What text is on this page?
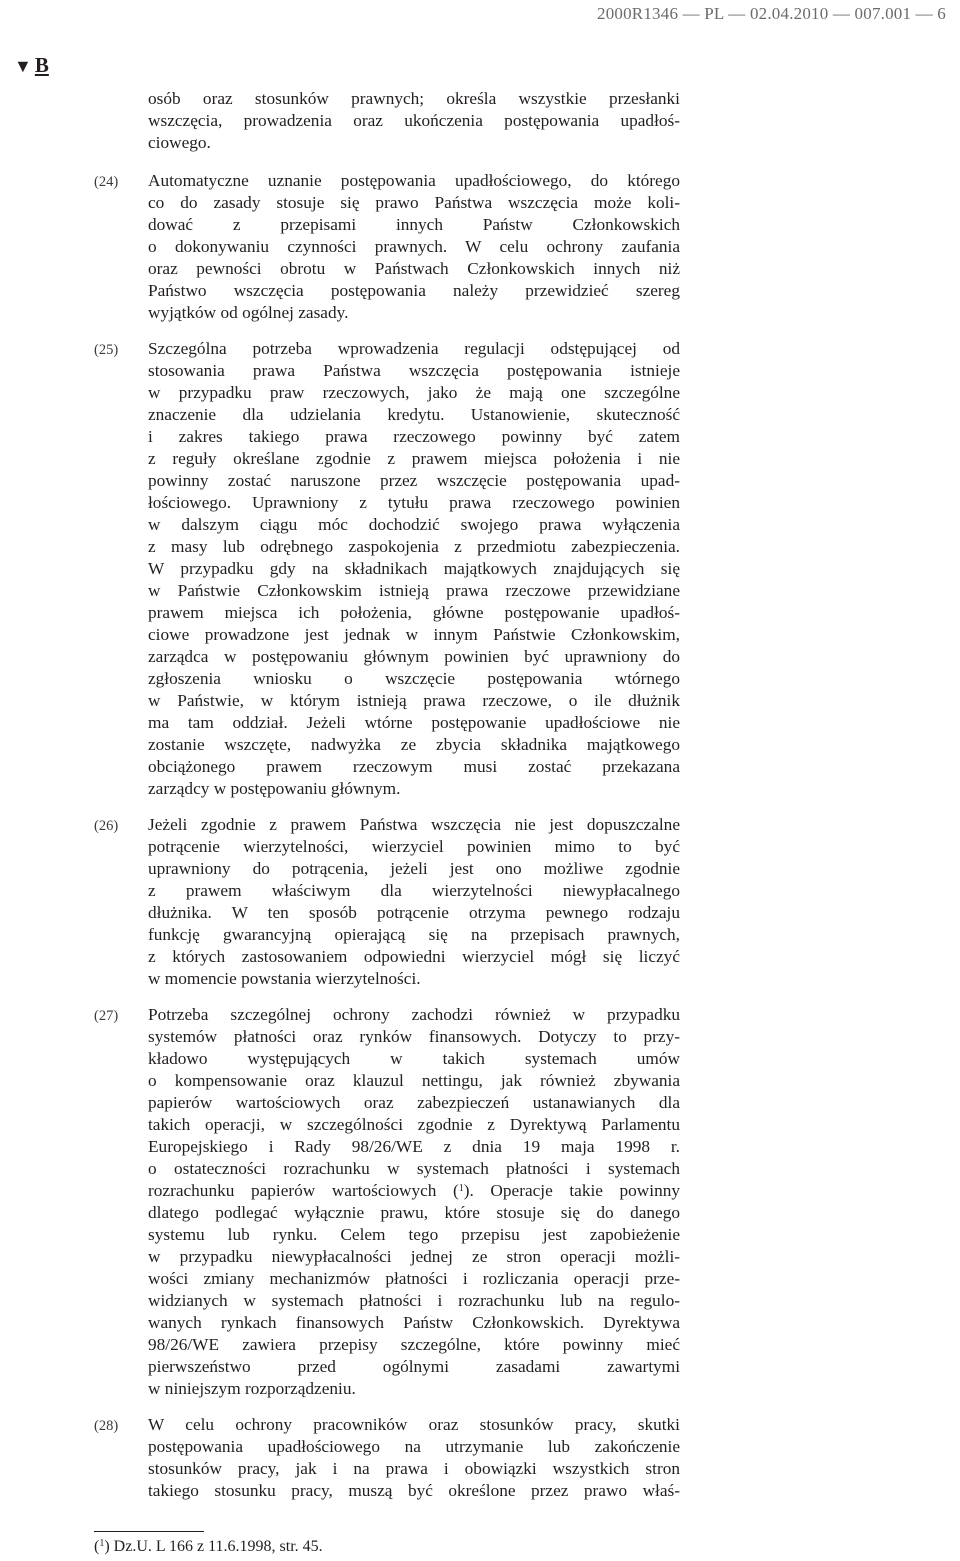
2000R1346 — PL — 02.04.2010 — 007.001 — 6
▼ B
osób oraz stosunków prawnych; określa wszystkie przesłanki
wszczęcia, prowadzenia oraz ukończenia postępowania upadłoś-
ciowego.
(24) Automatyczne uznanie postępowania upadłościowego, do którego
co do zasady stosuje się prawo Państwa wszczęcia może koli-
dować z przepisami innych Państw Członkowskich
o dokonywaniu czynności prawnych. W celu ochrony zaufania
oraz pewności obrotu w Państwach Członkowskich innych niż
Państwo wszczęcia postępowania należy przewidzieć szereg
wyjątków od ogólnej zasady.
(25) Szczególna potrzeba wprowadzenia regulacji odstępującej od
stosowania prawa Państwa wszczęcia postępowania istnieje
w przypadku praw rzeczowych, jako że mają one szczególne
znaczenie dla udzielania kredytu. Ustanowienie, skuteczność
i zakres takiego prawa rzeczowego powinny być zatem
z reguły określane zgodnie z prawem miejsca położenia i nie
powinny zostać naruszone przez wszczęcie postępowania upad-
łościowego. Uprawniony z tytułu prawa rzeczowego powinien
w dalszym ciągu móc dochodzić swojego prawa wyłączenia
z masy lub odrębnego zaspokojenia z przedmiotu zabezpieczenia.
W przypadku gdy na składnikach majątkowych znajdujących się
w Państwie Członkowskim istnieją prawa rzeczowe przewidziane
prawem miejsca ich położenia, główne postępowanie upadłoś-
ciowe prowadzone jest jednak w innym Państwie Członkowskim,
zarządca w postępowaniu głównym powinien być uprawniony do
zgłoszenia wniosku o wszczęcie postępowania wtórnego
w Państwie, w którym istnieją prawa rzeczowe, o ile dłużnik
ma tam oddział. Jeżeli wtórne postępowanie upadłościowe nie
zostanie wszczęte, nadwyżka ze zbycia składnika majątkowego
obciążonego prawem rzeczowym musi zostać przekazana
zarządcy w postępowaniu głównym.
(26) Jeżeli zgodnie z prawem Państwa wszczęcia nie jest dopuszczalne
potrącenie wierzytelności, wierzyciel powinien mimo to być
uprawniony do potrącenia, jeżeli jest ono możliwe zgodnie
z prawem właściwym dla wierzytelności niewypłacalnego
dłużnika. W ten sposób potrącenie otrzyma pewnego rodzaju
funkcję gwarancyjną opierającą się na przepisach prawnych,
z których zastosowaniem odpowiedni wierzyciel mógł się liczyć
w momencie powstania wierzytelności.
(27) Potrzeba szczególnej ochrony zachodzi również w przypadku
systemów płatności oraz rynków finansowych. Dotyczy to przy-
kładowo występujących w takich systemach umów
o kompensowanie oraz klauzul nettingu, jak również zbywania
papierów wartościowych oraz zabezpieczeń ustanawianych dla
takich operacji, w szczególności zgodnie z Dyrektywą Parlamentu
Europejskiego i Rady 98/26/WE z dnia 19 maja 1998 r.
o ostateczności rozrachunku w systemach płatności i systemach
rozrachunku papierów wartościowych ($^1$). Operacje takie powinny
dlatego podlegać wyłącznie prawu, które stosuje się do danego
systemu lub rynku. Celem tego przepisu jest zapobieżenie
w przypadku niewypłacalności jednej ze stron operacji możli-
wości zmiany mechanizmów płatności i rozliczania operacji prze-
widzianych w systemach płatności i rozrachunku lub na regulo-
wanych rynkach finansowych Państw Członkowskich. Dyrektywa
98/26/WE zawiera przepisy szczególne, które powinny mieć
pierwszeństwo przed ogólnymi zasadami zawartymi
w niniejszym rozporządzeniu.
(28) W celu ochrony pracowników oraz stosunków pracy, skutki
postępowania upadłościowego na utrzymanie lub zakończenie
stosunków pracy, jak i na prawa i obowiązki wszystkich stron
takiego stosunku pracy, muszą być określone przez prawo właś-
($^1$) Dz.U. L 166 z 11.6.1998, str. 45.
